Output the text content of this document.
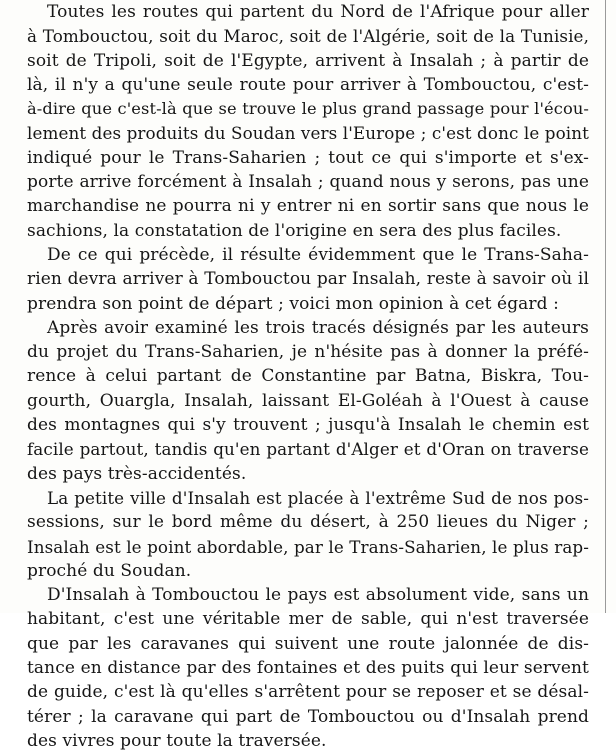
Toutes les routes qui partent du Nord de l'Afrique pour aller
à Tombouctou, soit du Maroc, soit de l'Algérie, soit de la Tunisie,
soit de Tripoli, soit de l'Egypte, arrivent à Insalah ; à partir de
là, il n'y a qu'une seule route pour arriver à Tombouctou, c'est-
à-dire que c'est-là que se trouve le plus grand passage pour l'écou-
lement des produits du Soudan vers l'Europe ; c'est donc le point
indiqué pour le Trans-Saharien ; tout ce qui s'importe et s'ex-
porte arrive forcément à Insalah ; quand nous y serons, pas une
marchandise ne pourra ni y entrer ni en sortir sans que nous le
sachions, la constatation de l'origine en sera des plus faciles.
De ce qui précède, il résulte évidemment que le Trans-Saha-
rien devra arriver à Tombouctou par Insalah, reste à savoir où il
prendra son point de départ ; voici mon opinion à cet égard :
Après avoir examiné les trois tracés désignés par les auteurs
du projet du Trans-Saharien, je n'hésite pas à donner la préfé-
rence à celui partant de Constantine par Batna, Biskra, Tou-
gourth, Ouargla, Insalah, laissant El-Goléah à l'Ouest à cause
des montagnes qui s'y trouvent ; jusqu'à Insalah le chemin est
facile partout, tandis qu'en partant d'Alger et d'Oran on traverse
des pays très-accidentés.
La petite ville d'Insalah est placée à l'extrême Sud de nos pos-
sessions, sur le bord même du désert, à 250 lieues du Niger ;
Insalah est le point abordable, par le Trans-Saharien, le plus rap-
proché du Soudan.
D'Insalah à Tombouctou le pays est absolument vide, sans un
habitant, c'est une véritable mer de sable, qui n'est traversée
que par les caravanes qui suivent une route jalonnée de dis-
tance en distance par des fontaines et des puits qui leur servent
de guide, c'est là qu'elles s'arrêtent pour se reposer et se désal-
térer ; la caravane qui part de Tombouctou ou d'Insalah prend
des vivres pour toute la traversée.
